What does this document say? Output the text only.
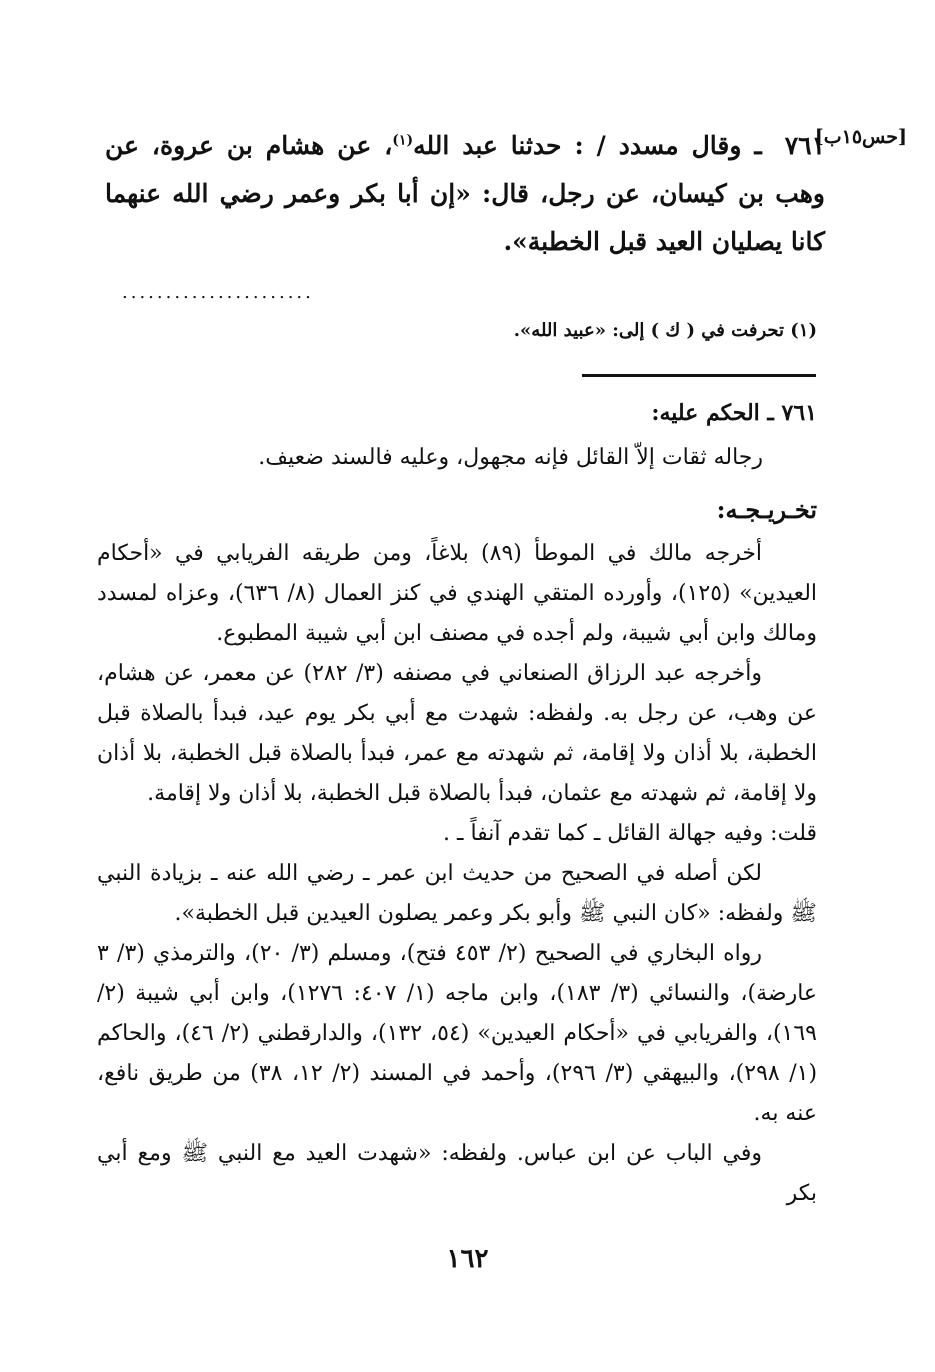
[حس١٥ب]
٧٦١ ـ وقال مسدد / : حدثنا عبد الله$^{(١)}$، عن هشام بن عروة، عن وهب بن كيسان، عن رجل، قال: «إن أبا بكر وعمر رضي الله عنهما كانا يصليان العيد قبل الخطبة».
......................
(١) تحرفت في ( ك ) إلى: «عبيد الله».
٧٦١ ـ الحكم عليه:
رجاله ثقات إلاّ القائل فإنه مجهول، وعليه فالسند ضعيف.
تخـريـجـه:

أخرجه مالك في الموطأ (٨٩) بلاغاً، ومن طريقه الفريابي في «أحكام العيدين» (١٢٥)، وأورده المتقي الهندي في كنز العمال (٨/ ٦٣٦)، وعزاه لمسدد ومالك وابن أبي شيبة، ولم أجده في مصنف ابن أبي شيبة المطبوع.

وأخرجه عبد الرزاق الصنعاني في مصنفه (٣/ ٢٨٢) عن معمر، عن هشام، عن وهب، عن رجل به. ولفظه: شهدت مع أبي بكر يوم عيد، فبدأ بالصلاة قبل الخطبة، بلا أذان ولا إقامة، ثم شهدته مع عمر، فبدأ بالصلاة قبل الخطبة، بلا أذان ولا إقامة، ثم شهدته مع عثمان، فبدأ بالصلاة قبل الخطبة، بلا أذان ولا إقامة.

قلت: وفيه جهالة القائل ـ كما تقدم آنفاً ـ .

لكن أصله في الصحيح من حديث ابن عمر ـ رضي الله عنه ـ بزيادة النبي ﷺ ولفظه: «كان النبي ﷺ وأبو بكر وعمر يصلون العيدين قبل الخطبة».

رواه البخاري في الصحيح (٢/ ٤٥٣ فتح)، ومسلم (٣/ ٢٠)، والترمذي (٣/ ٣ عارضة)، والنسائي (٣/ ١٨٣)، وابن ماجه (١/ ٤٠٧: ١٢٧٦)، وابن أبي شيبة (٢/ ١٦٩)، والفريابي في «أحكام العيدين» (٥٤، ١٣٢)، والدارقطني (٢/ ٤٦)، والحاكم (١/ ٢٩٨)، والبيهقي (٣/ ٢٩٦)، وأحمد في المسند (٢/ ١٢، ٣٨) من طريق نافع، عنه به.

وفي الباب عن ابن عباس. ولفظه: «شهدت العيد مع النبي ﷺ ومع أبي بكر

١٦٢
